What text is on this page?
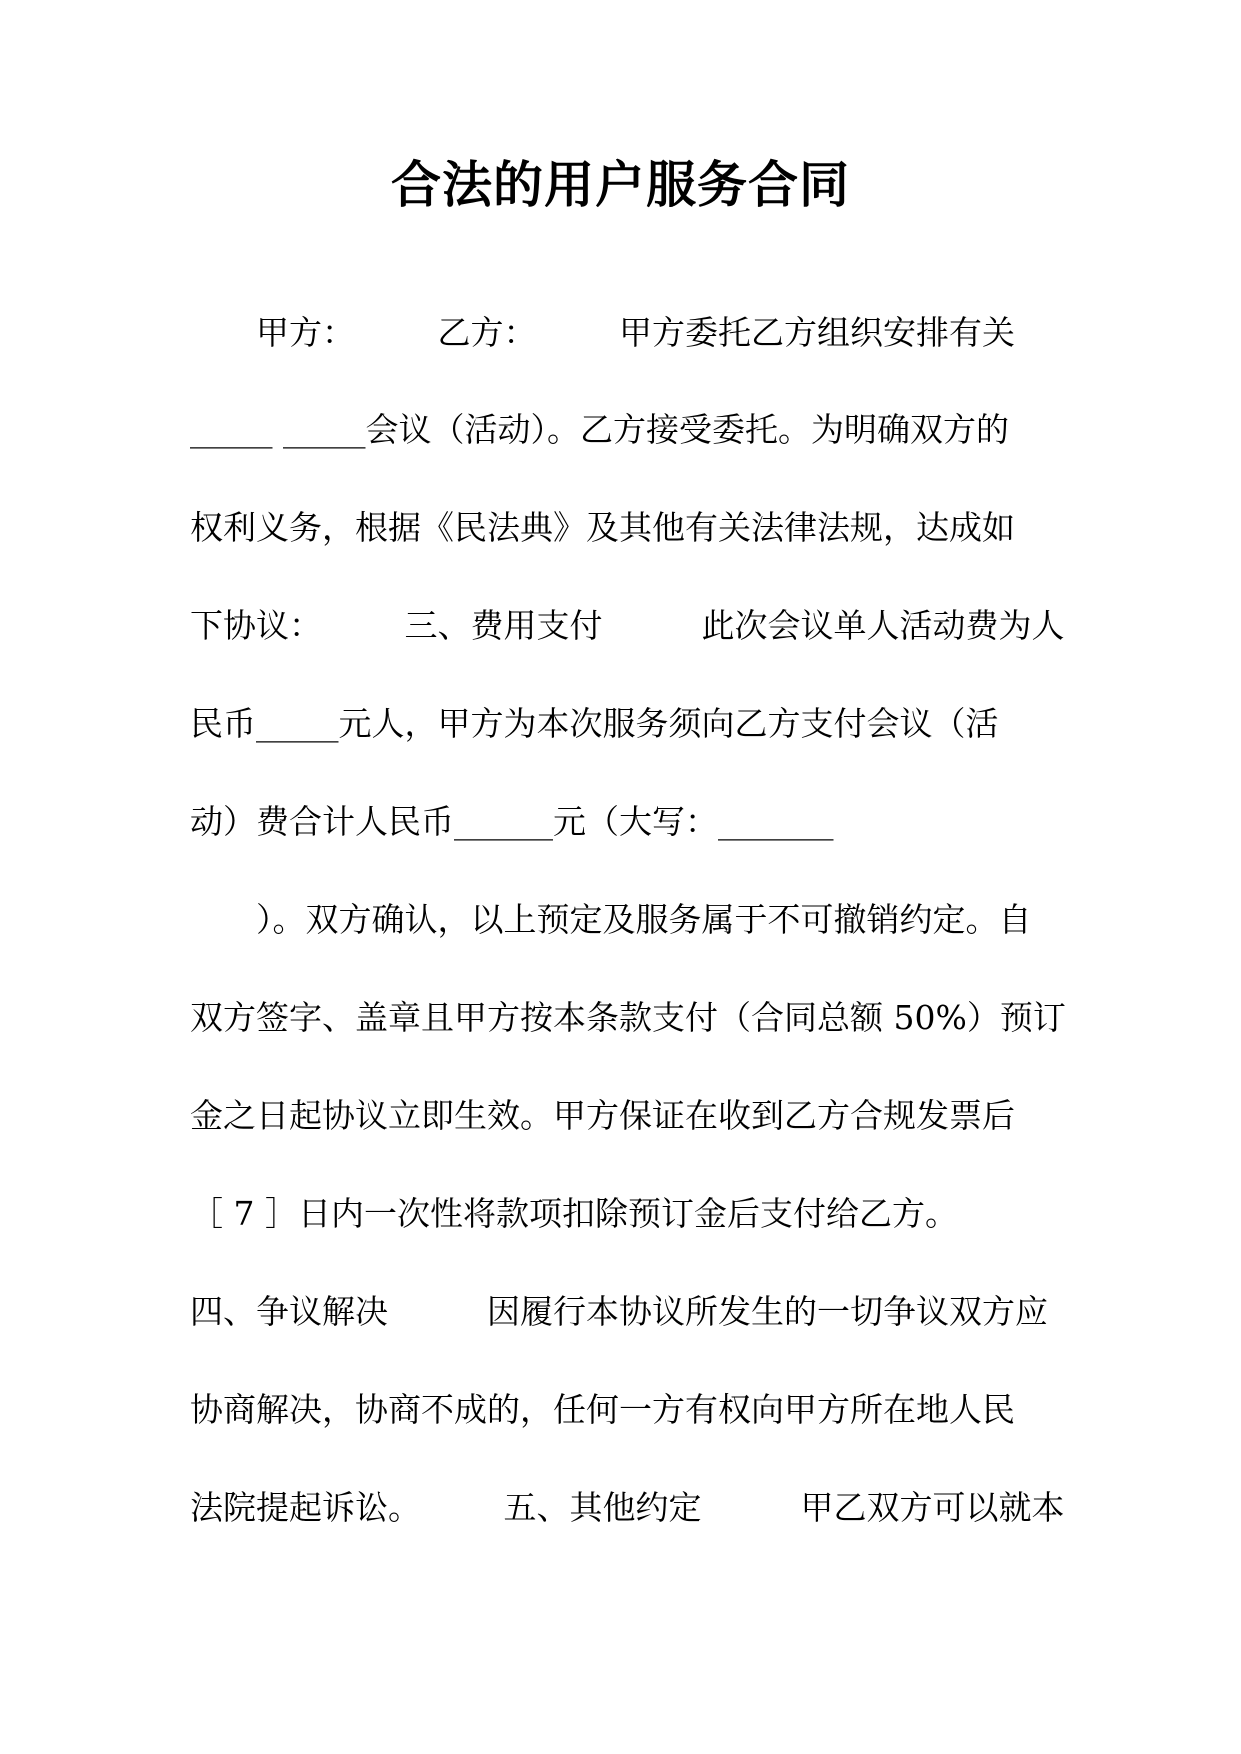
合法的用户服务合同
　　甲方：　　　乙方：　　　甲方委托乙方组织安排有关
_____ _____会议（活动）。乙方接受委托。为明确双方的
权利义务，根据《民法典》及其他有关法律法规，达成如
下协议：　　　三、费用支付　　　此次会议单人活动费为人
民币_____元人，甲方为本次服务须向乙方支付会议（活
动）费合计人民币______元（大写：_______
　　）。双方确认，以上预定及服务属于不可撤销约定。自
双方签字、盖章且甲方按本条款支付（合同总额 50%）预订
金之日起协议立即生效。甲方保证在收到乙方合规发票后
［ 7 ］日内一次性将款项扣除预订金后支付给乙方。
四、争议解决　　　因履行本协议所发生的一切争议双方应
协商解决，协商不成的，任何一方有权向甲方所在地人民
法院提起诉讼。　　　五、其他约定　　　甲乙双方可以就本
